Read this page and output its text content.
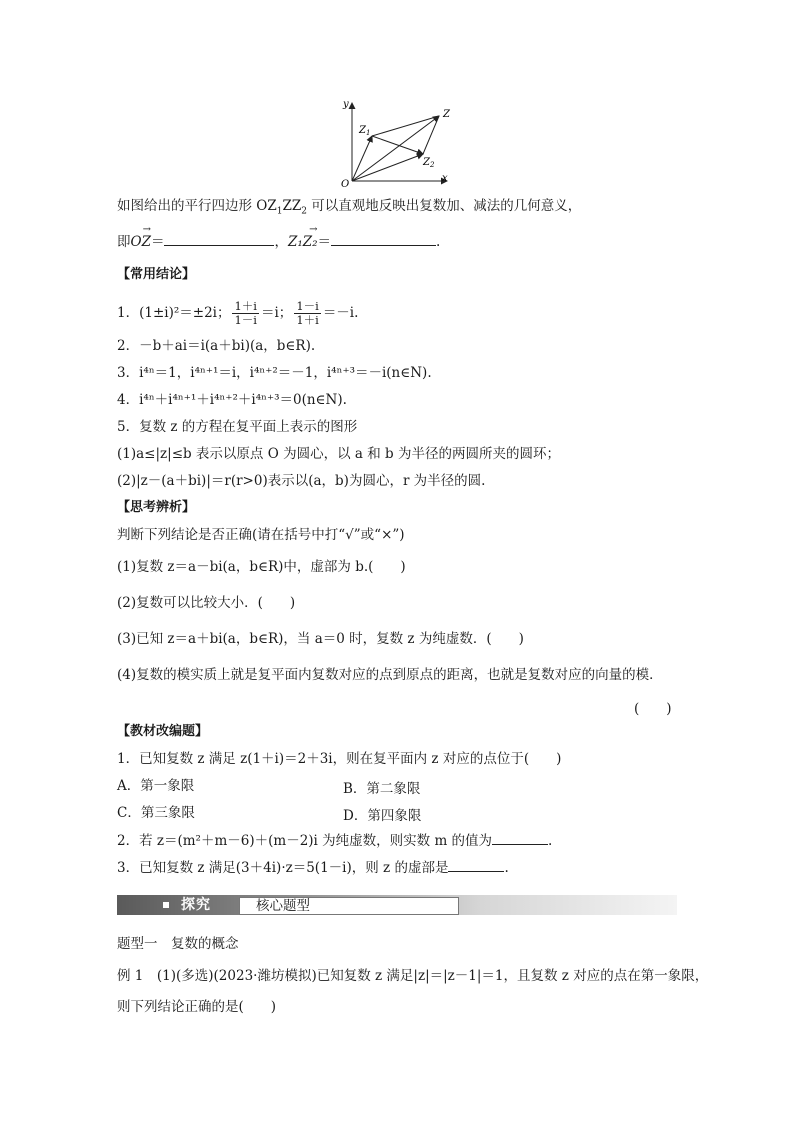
y
x
O
Z
$Z_1$
$Z_2$
如图给出的平行四边形 $OZ_1ZZ_2$ 可以直观地反映出复数加、减法的几何意义，
即
→
OZ＝	，
→
Z₁Z₂＝	.
【常用结论】
1．(1±i)²＝±2i； $\frac{1+i}{1-i} =i$； $\frac{1-i}{1+i} =-i$.
2．－b＋ai＝i(a＋bi)(a，b∈R).
3．i⁴ⁿ＝1，i⁴ⁿ⁺¹＝i，i⁴ⁿ⁺²＝－1，i⁴ⁿ⁺³＝－i(n∈N).
4．i⁴ⁿ＋i⁴ⁿ⁺¹＋i⁴ⁿ⁺²＋i⁴ⁿ⁺³＝0(n∈N).
5．复数 z 的方程在复平面上表示的图形
(1)a≤|z|≤b 表示以原点 O 为圆心，以 a 和 b 为半径的两圆所夹的圆环；
(2)|z－(a＋bi)|＝r(r>0)表示以(a，b)为圆心，r 为半径的圆.
【思考辨析】
判断下列结论是否正确(请在括号中打“√”或“×”)
(1)复数 z＝a－bi(a，b∈R)中，虚部为 b.(　　)
(2)复数可以比较大小．(　　)
(3)已知 z＝a＋bi(a，b∈R)，当 a＝0 时，复数 z 为纯虚数．(　　)
(4)复数的模实质上就是复平面内复数对应的点到原点的距离，也就是复数对应的向量的模．
(　　)
【教材改编题】
1．已知复数 z 满足 z(1＋i)＝2＋3i，则在复平面内 z 对应的点位于(　　)
A．第一象限	B．第二象限
C．第三象限	D．第四象限
2．若 z＝(m²＋m－6)＋(m－2)i 为纯虚数，则实数 m 的值为	.
3．已知复数 z 满足(3＋4i)·z＝5(1－i)，则 z 的虚部是	.
探究	核心题型
题型一　复数的概念
例 1　(1)(多选)(2023·潍坊模拟)已知复数 z 满足|z|＝|z－1|＝1，且复数 z 对应的点在第一象限，
则下列结论正确的是(　　)
